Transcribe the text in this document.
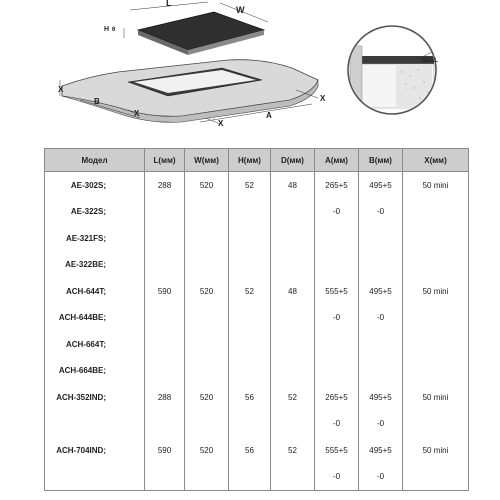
L
W
H 6
X
X
X
X
B
A
SEAL
Модел	L(мм)	W(мм)	H(мм)	D(мм)	A(мм)	B(мм)	X(мм)
AE-302S;	288	520	52	48	265+5	495+5	50 mini
AE-322S;					-0	-0	
AE-321FS;							
AE-322BE;							
ACH-644T;	590	520	52	48	555+5	495+5	50 mini
ACH-644BE;					-0	-0	
ACH-664T;							
ACH-664BE;							
ACH-352IND;	288	520	56	52	265+5	495+5	50 mini
					-0	-0	
ACH-704IND;	590	520	56	52	555+5	495+5	50 mini
					-0	-0	
